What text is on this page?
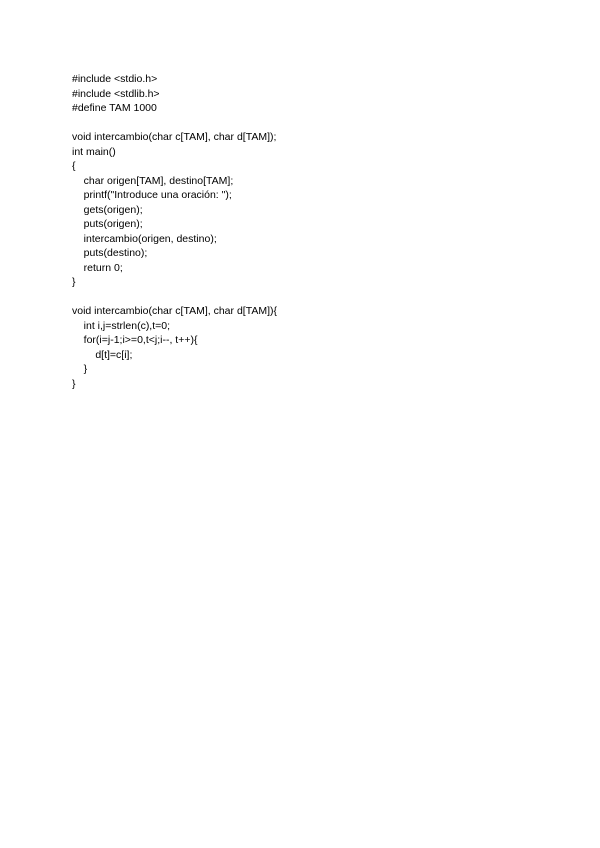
#include <stdio.h>
#include <stdlib.h>
#define TAM 1000
void intercambio(char c[TAM], char d[TAM]);
int main()
{
char origen[TAM], destino[TAM];
printf("Introduce una oración: ");
gets(origen);
puts(origen);
intercambio(origen, destino);
puts(destino);
return 0;
}
void intercambio(char c[TAM], char d[TAM]){
int i,j=strlen(c),t=0;
for(i=j-1;i>=0,t<j;i--, t++){
d[t]=c[i];
}
}
